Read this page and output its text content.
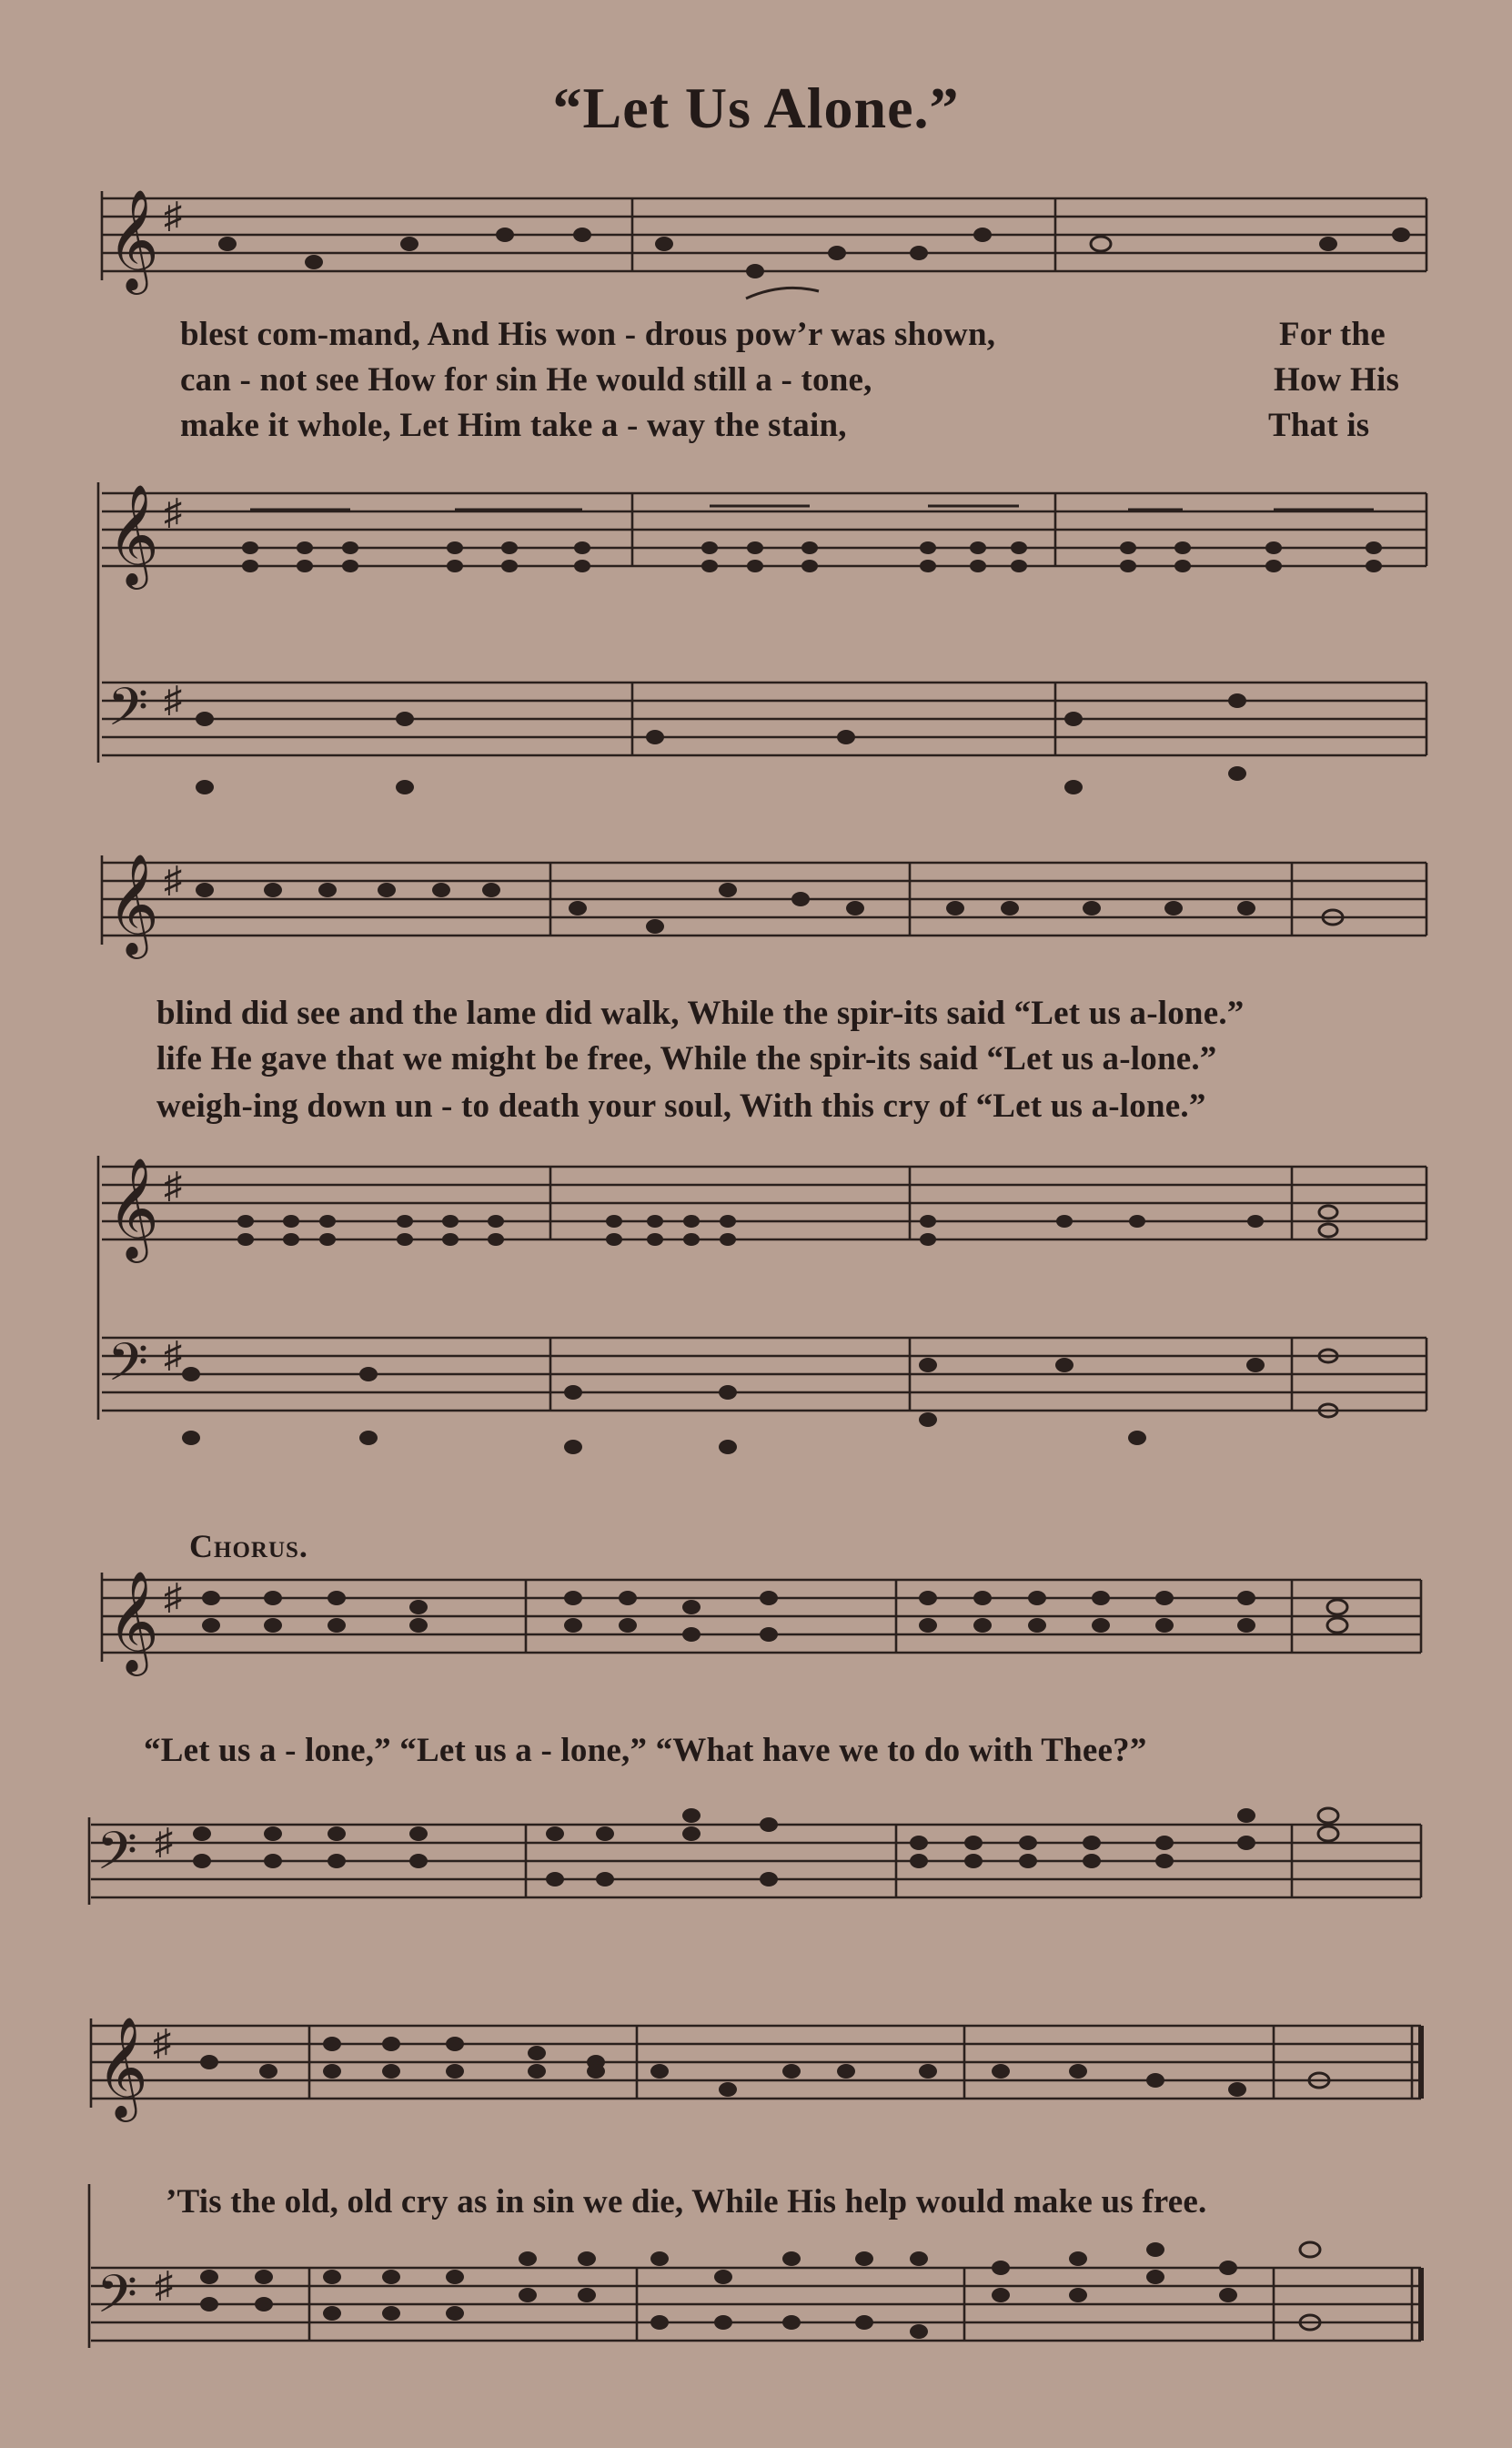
“Let Us Alone.”
𝄞 ♯
blest com-mand, And His won - drous pow’r was shown,	For the
can - not see How for sin He would still a - tone,	How His
make it whole, Let Him take a - way the stain,	That is
𝄞 ♯
𝄢 ♯
𝄞 ♯
blind did see and the lame did walk, While the spir-its said “Let us a-lone.”
life He gave that we might be free, While the spir-its said “Let us a-lone.”
weigh-ing down un - to death your soul, With this cry of “Let us a-lone.”
𝄞 ♯
𝄢 ♯
Chorus.
𝄞 ♯
“Let us a - lone,” “Let us a - lone,” “What have we to do with Thee?”
𝄢 ♯
𝄞 ♯
’Tis the old, old cry as in sin we die, While His help would make us free.
𝄢 ♯
